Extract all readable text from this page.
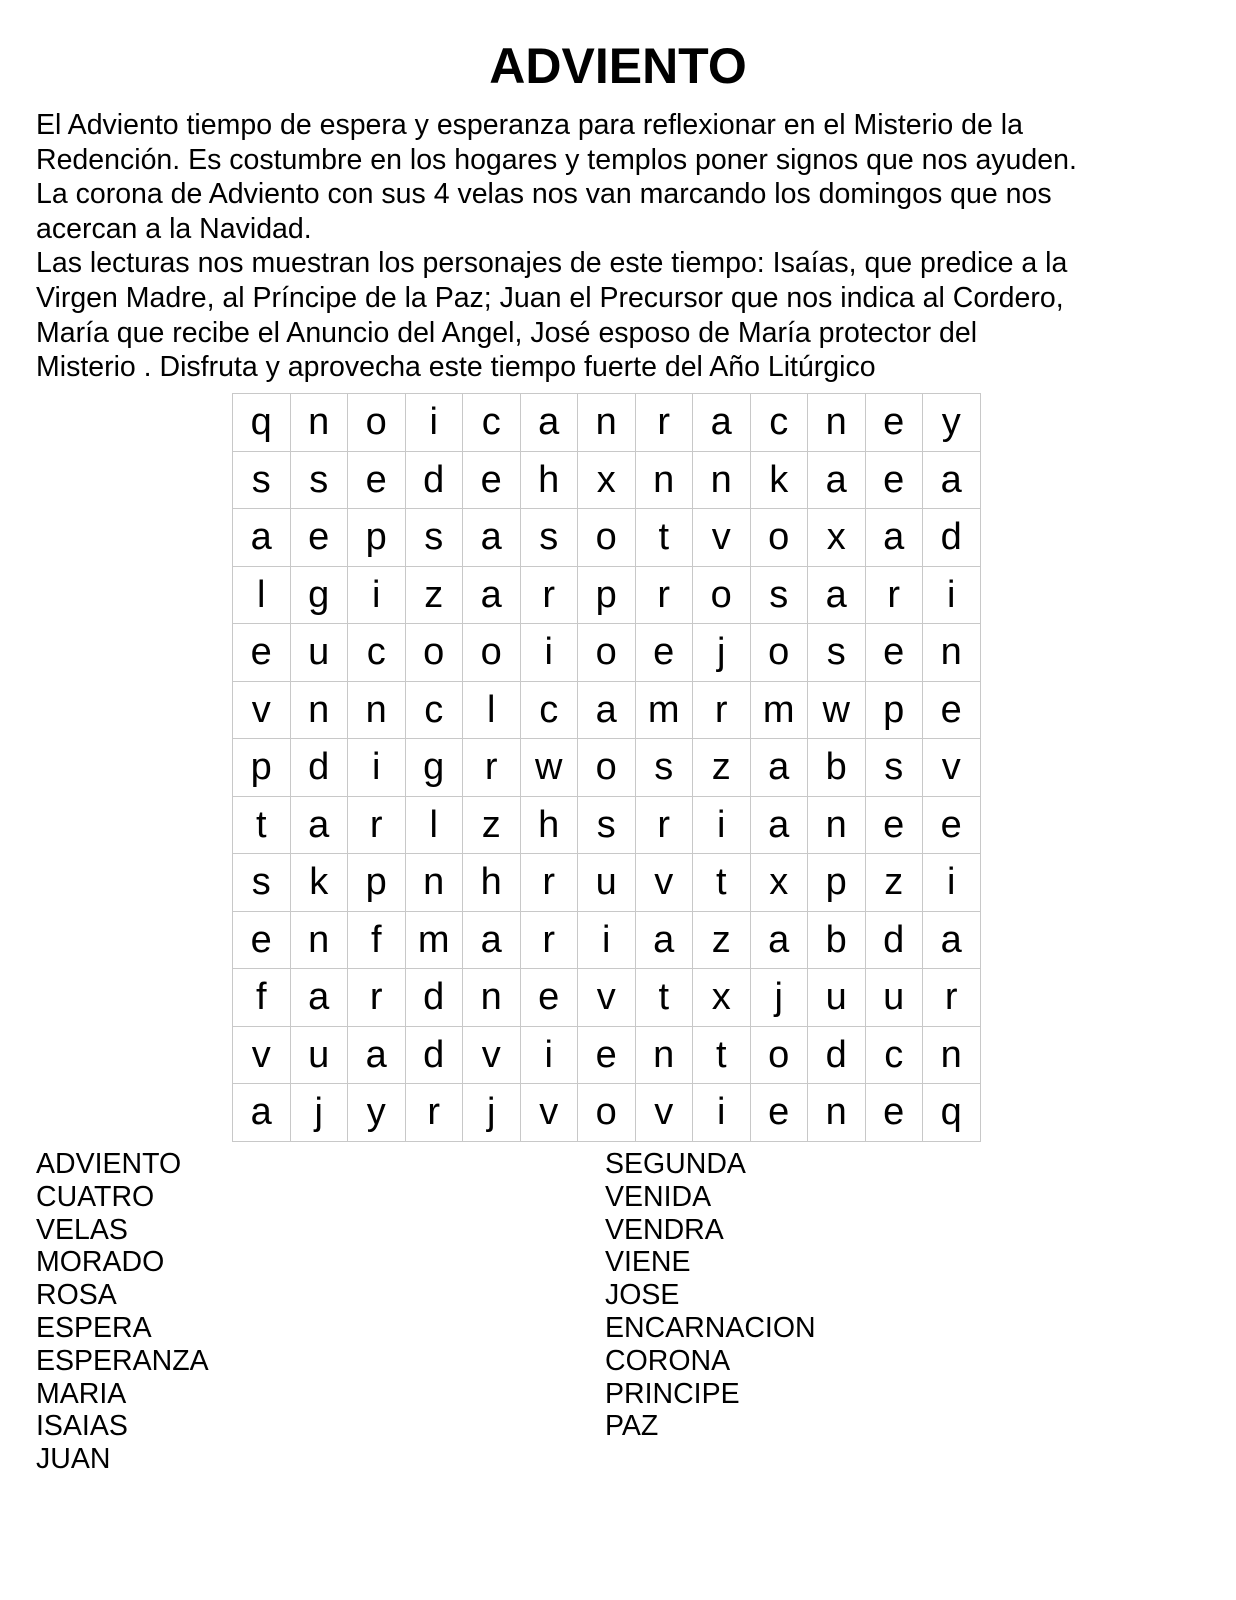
ADVIENTO
El Adviento tiempo de espera y esperanza para reflexionar en el Misterio de la
Redención. Es costumbre en los hogares y templos poner signos que nos ayuden.
La corona de Adviento con sus 4 velas nos van marcando los domingos que nos
acercan a la Navidad.
Las lecturas nos muestran los personajes de este tiempo: Isaías, que predice a la
Virgen Madre, al Príncipe de la Paz; Juan el Precursor que nos indica al Cordero,
María que recibe el Anuncio del Angel, José esposo de María protector del
Misterio . Disfruta y aprovecha este tiempo fuerte del Año Litúrgico
q	n	o	i	c	a	n	r	a	c	n	e	y
s	s	e	d	e	h	x	n	n	k	a	e	a
a	e	p	s	a	s	o	t	v	o	x	a	d
l	g	i	z	a	r	p	r	o	s	a	r	i
e	u	c	o	o	i	o	e	j	o	s	e	n
v	n	n	c	l	c	a	m	r	m	w	p	e
p	d	i	g	r	w	o	s	z	a	b	s	v
t	a	r	l	z	h	s	r	i	a	n	e	e
s	k	p	n	h	r	u	v	t	x	p	z	i
e	n	f	m	a	r	i	a	z	a	b	d	a
f	a	r	d	n	e	v	t	x	j	u	u	r
v	u	a	d	v	i	e	n	t	o	d	c	n
a	j	y	r	j	v	o	v	i	e	n	e	q
ADVIENTO
CUATRO
VELAS
MORADO
ROSA
ESPERA
ESPERANZA
MARIA
ISAIAS
JUAN
SEGUNDA
VENIDA
VENDRA
VIENE
JOSE
ENCARNACION
CORONA
PRINCIPE
PAZ
